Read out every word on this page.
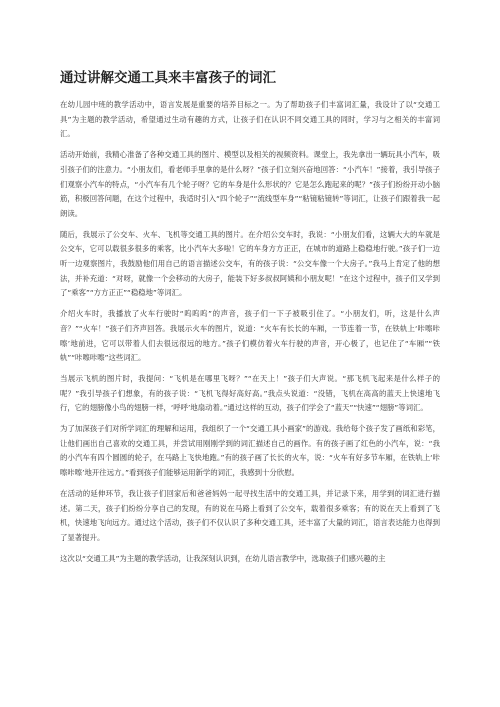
通过讲解交通工具来丰富孩子的词汇

在幼儿园中班的教学活动中，语言发展是重要的培养目标之一。为了帮助孩子们丰富词汇量，我设计了以“交通工具”为主题的教学活动，希望通过生动有趣的方式，让孩子们在认识不同交通工具的同时，学习与之相关的丰富词汇。

活动开始前，我精心准备了各种交通工具的图片、模型以及相关的视频资料。课堂上，我先拿出一辆玩具小汽车，吸引孩子们的注意力。“小朋友们，看老师手里拿的是什么呀？”孩子们立刻兴奋地回答：“小汽车！”接着，我引导孩子们观察小汽车的特点，“小汽车有几个轮子呀？它的车身是什么形状的？它是怎么跑起来的呢？”孩子们纷纷开动小脑筋，积极回答问题，在这个过程中，我适时引入“四个轮子”“流线型车身”“粘镜粘镜转”等词汇，让孩子们跟着我一起朗读。

随后，我展示了公交车、火车、飞机等交通工具的图片。在介绍公交车时，我说：“小朋友们看，这辆大大的车就是公交车，它可以载很多很多的乘客，比小汽车大多啦！它的车身方方正正，在城市的道路上稳稳地行驶。”孩子们一边听一边观察图片，我鼓励他们用自己的语言描述公交车，有的孩子说：“公交车像一个大房子。”我马上肯定了他的想法，并补充道：“对呀，就像一个会移动的大房子，能装下好多叔叔阿姨和小朋友呢！”在这个过程中，孩子们又学到了“乘客”“方方正正”“稳稳地”等词汇。

介绍火车时，我播放了火车行驶时“呜呜呜”的声音，孩子们一下子被吸引住了。“小朋友们，听，这是什么声音？”“火车！”孩子们齐声回答。我展示火车的图片，说道：“火车有长长的车厢，一节连着一节，在铁轨上‘咔嚓咔嚓’地前进，它可以带着人们去很远很远的地方。”孩子们模仿着火车行驶的声音，开心极了，也记住了“车厢”“铁轨”“咔嚓咔嚓”这些词汇。

当展示飞机的图片时，我提问：“飞机是在哪里飞呀？”“在天上！”孩子们大声说。“那飞机飞起来是什么样子的呢？”我引导孩子们想象，有的孩子说：“飞机飞得好高好高。”我点头说道：“没错，飞机在高高的蓝天上快速地飞行，它的翅膀像小鸟的翅膀一样，‘呼呼’地扇动着。”通过这样的互动，孩子们学会了“蓝天”“快速”“翅膀”等词汇。

为了加深孩子们对所学词汇的理解和运用，我组织了一个“交通工具小画家”的游戏。我给每个孩子发了画纸和彩笔，让他们画出自己喜欢的交通工具，并尝试用刚刚学到的词汇描述自己的画作。有的孩子画了红色的小汽车，说：“我的小汽车有四个圆圆的轮子，在马路上飞快地跑。”有的孩子画了长长的火车，说：“火车有好多节车厢，在铁轨上‘咔嚓咔嚓’地开往远方。”看到孩子们能够运用新学的词汇，我感到十分欣慰。

在活动的延伸环节，我让孩子们回家后和爸爸妈妈一起寻找生活中的交通工具，并记录下来，用学到的词汇进行描述。第二天，孩子们纷纷分享自己的发现，有的说在马路上看到了公交车，载着很多乘客；有的说在天上看到了飞机，快速地飞向远方。通过这个活动，孩子们不仅认识了多种交通工具，还丰富了大量的词汇，语言表达能力也得到了显著提升。

这次以“交通工具”为主题的教学活动，让我深刻认识到，在幼儿语言教学中，选取孩子们感兴趣的主
